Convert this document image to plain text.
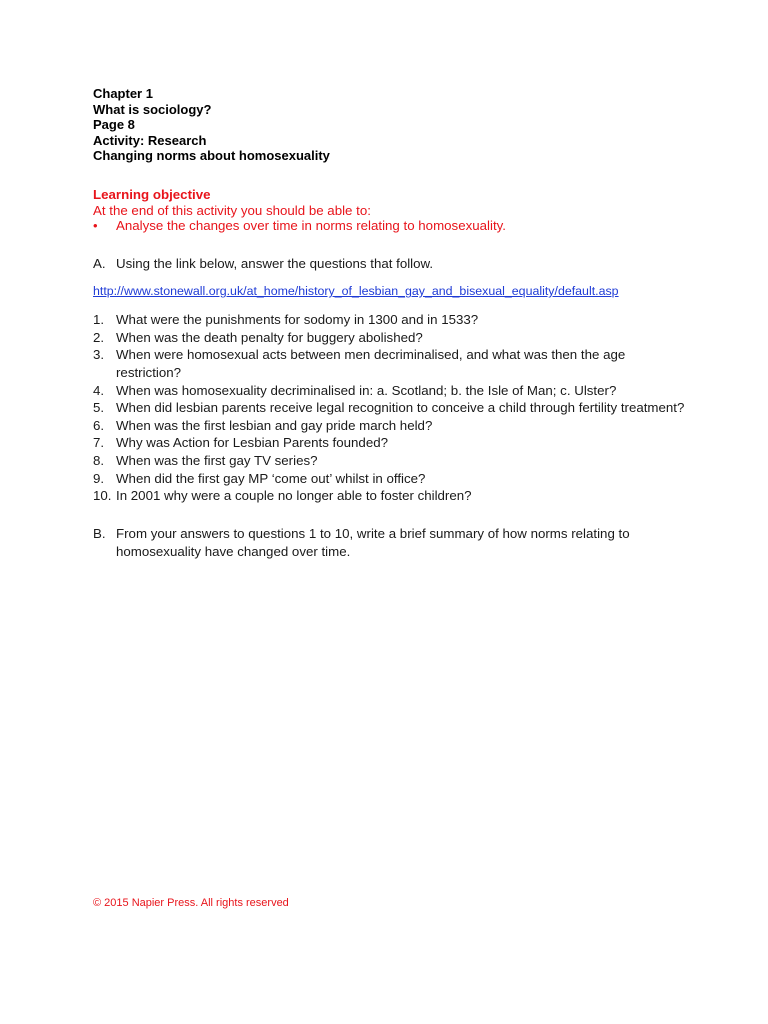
Chapter 1
What is sociology?
Page 8
Activity: Research
Changing norms about homosexuality
Learning objective
At the end of this activity you should be able to:
•	Analyse the changes over time in norms relating to homosexuality.
A. Using the link below, answer the questions that follow.
http://www.stonewall.org.uk/at_home/history_of_lesbian_gay_and_bisexual_equality/default.asp
1. What were the punishments for sodomy in 1300 and in 1533?
2. When was the death penalty for buggery abolished?
3. When were homosexual acts between men decriminalised, and what was then the age restriction?
4. When was homosexuality decriminalised in: a. Scotland; b. the Isle of Man; c. Ulster?
5. When did lesbian parents receive legal recognition to conceive a child through fertility treatment?
6. When was the first lesbian and gay pride march held?
7. Why was Action for Lesbian Parents founded?
8. When was the first gay TV series?
9. When did the first gay MP ‘come out’ whilst in office?
10. In 2001 why were a couple no longer able to foster children?
B. From your answers to questions 1 to 10, write a brief summary of how norms relating to homosexuality have changed over time.
© 2015 Napier Press. All rights reserved
